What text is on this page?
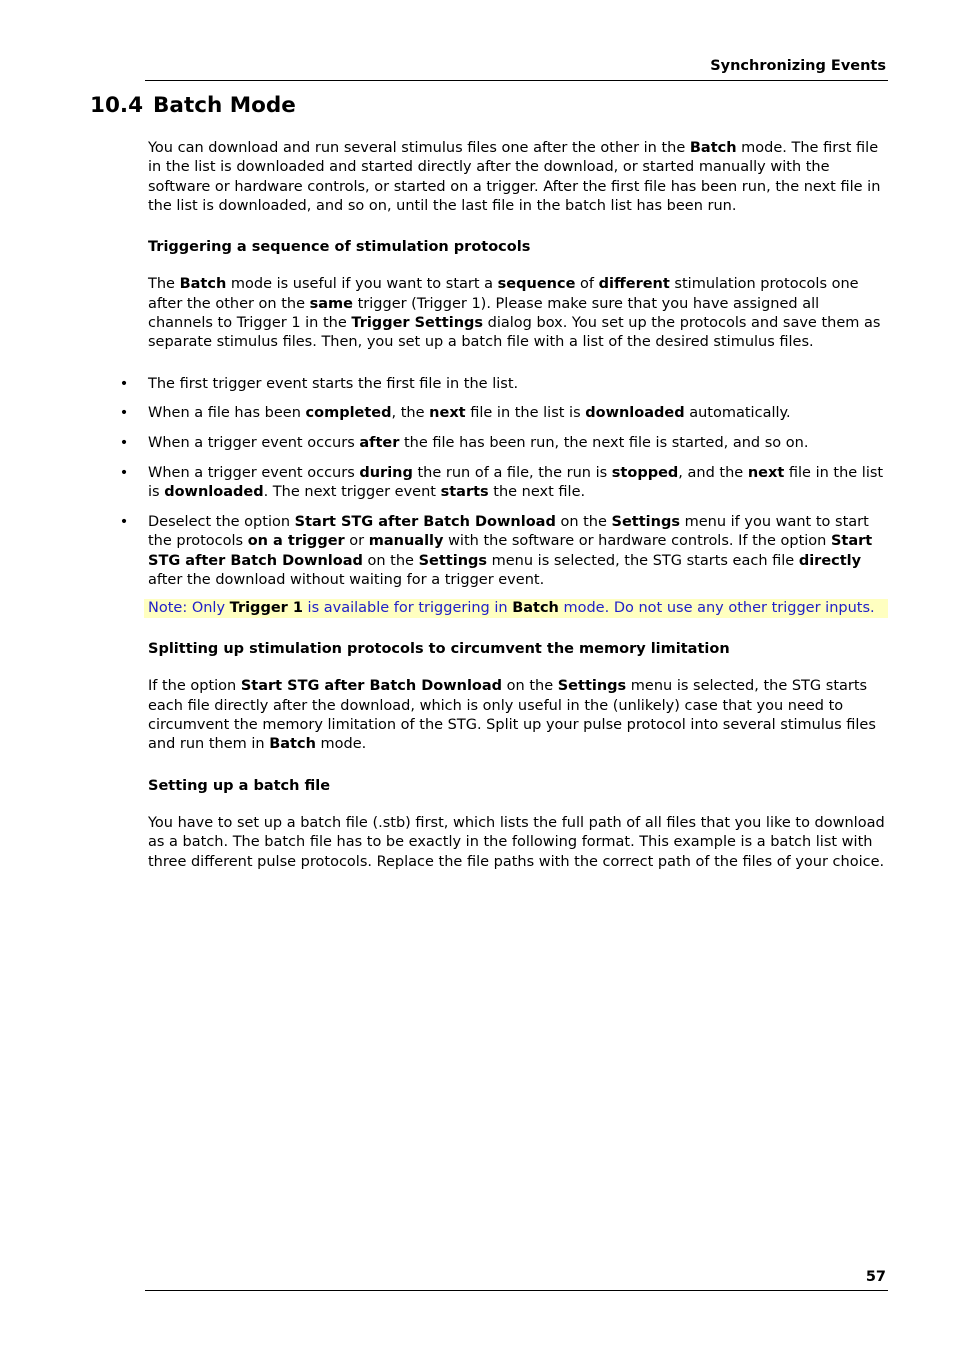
Synchronizing Events
10.4 Batch Mode

You can download and run several stimulus files one after the other in the Batch mode. The first file in the list is downloaded and started directly after the download, or started manually with the software or hardware controls, or started on a trigger. After the first file has been run, the next file in the list is downloaded, and so on, until the last file in the batch list has been run.

Triggering a sequence of stimulation protocols

The Batch mode is useful if you want to start a sequence of different stimulation protocols one after the other on the same trigger (Trigger 1). Please make sure that you have assigned all channels to Trigger 1 in the Trigger Settings dialog box. You set up the protocols and save them as separate stimulus files. Then, you set up a batch file with a list of the desired stimulus files.

• The first trigger event starts the first file in the list.
• When a file has been completed, the next file in the list is downloaded automatically.
• When a trigger event occurs after the file has been run, the next file is started, and so on.
• When a trigger event occurs during the run of a file, the run is stopped, and the next file in the list is downloaded. The next trigger event starts the next file.
• Deselect the option Start STG after Batch Download on the Settings menu if you want to start the protocols on a trigger or manually with the software or hardware controls. If the option Start STG after Batch Download on the Settings menu is selected, the STG starts each file directly after the download without waiting for a trigger event.

Note: Only Trigger 1 is available for triggering in Batch mode. Do not use any other trigger inputs.

Splitting up stimulation protocols to circumvent the memory limitation

If the option Start STG after Batch Download on the Settings menu is selected, the STG starts each file directly after the download, which is only useful in the (unlikely) case that you need to circumvent the memory limitation of the STG. Split up your pulse protocol into several stimulus files and run them in Batch mode.

Setting up a batch file

You have to set up a batch file (.stb) first, which lists the full path of all files that you like to download as a batch. The batch file has to be exactly in the following format. This example is a batch list with three different pulse protocols. Replace the file paths with the correct path of the files of your choice.

57
